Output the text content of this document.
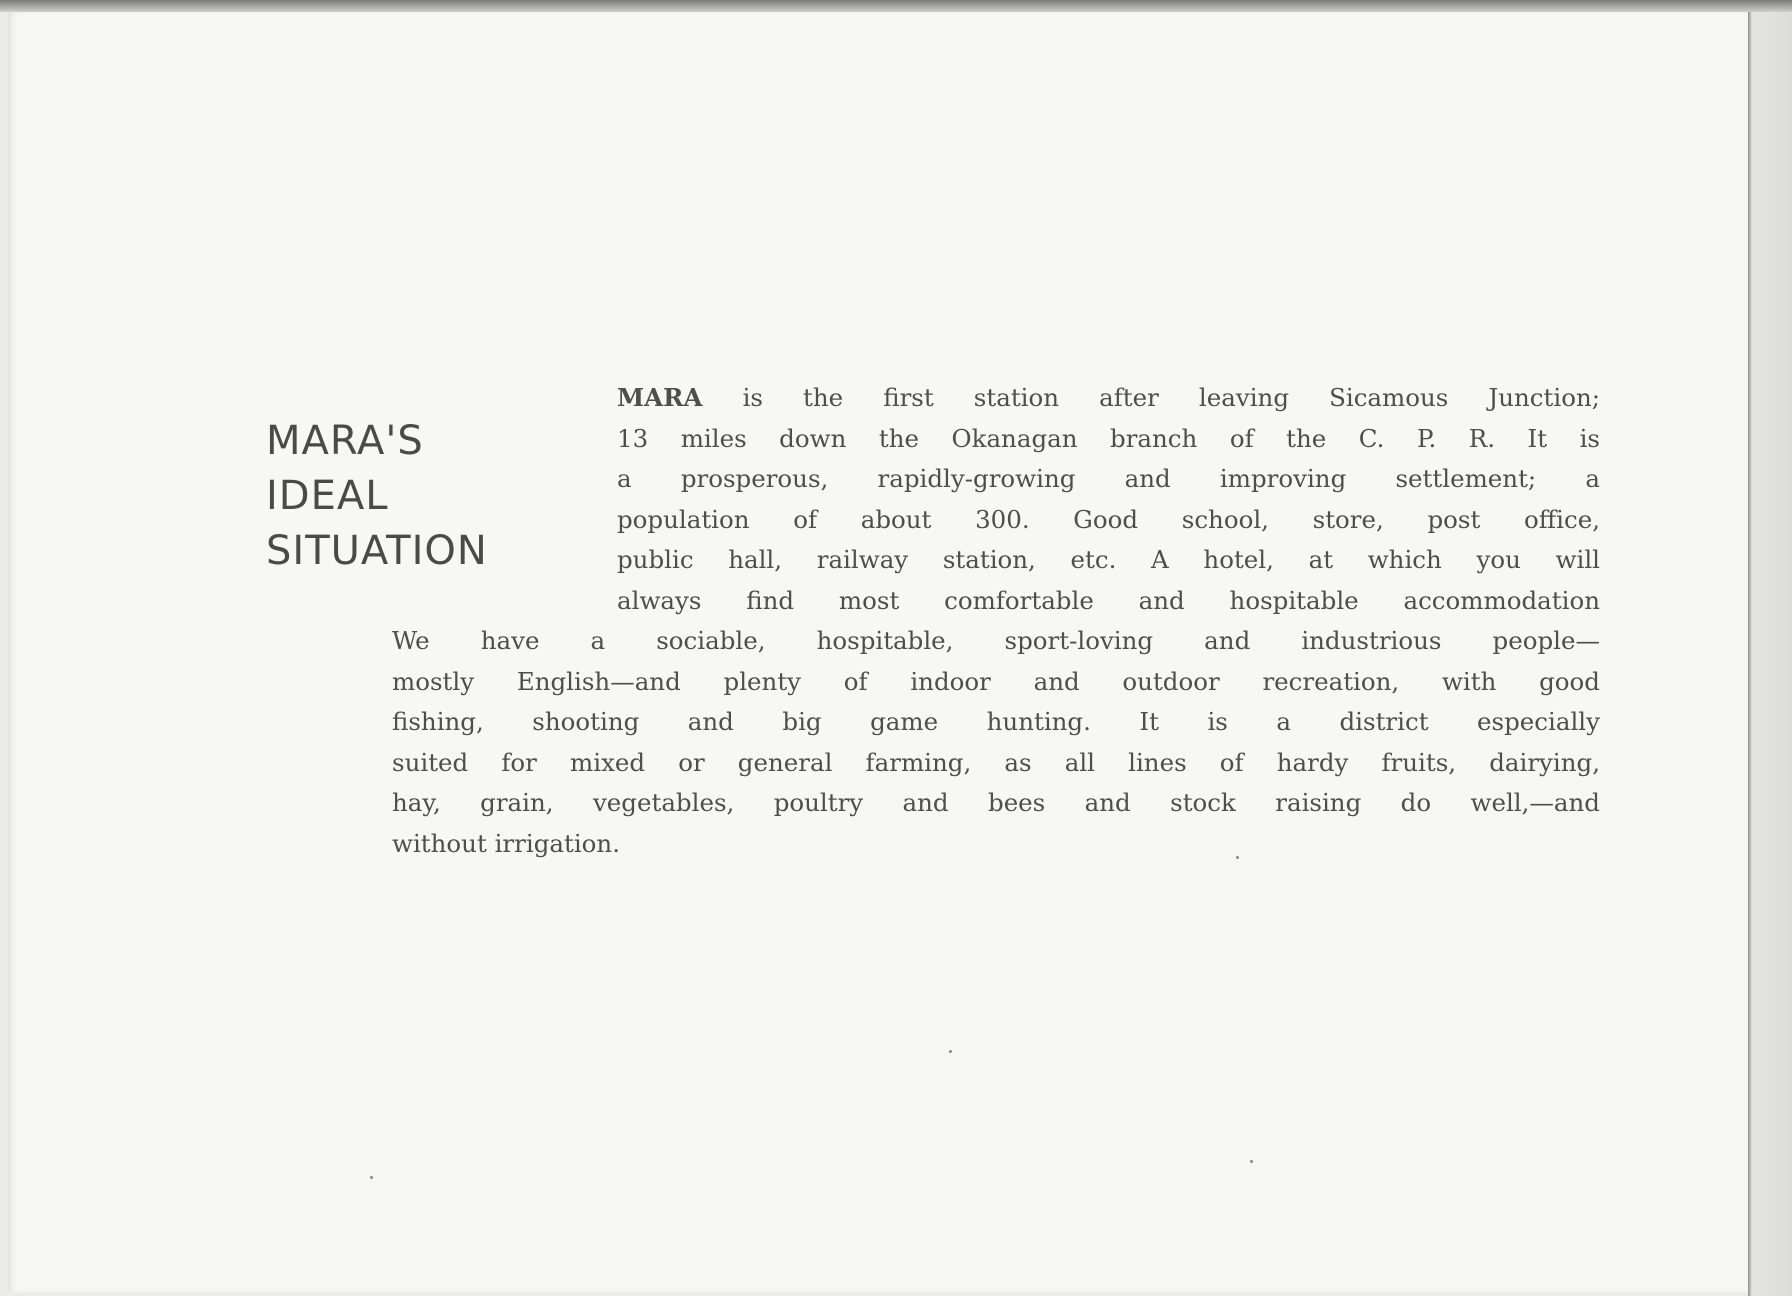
MARA'S
IDEAL
SITUATION
MARA is the first station after leaving Sicamous Junction;
13 miles down the Okanagan branch of the C. P. R. It is
a prosperous, rapidly-growing and improving settlement; a
population of about 300. Good school, store, post office,
public hall, railway station, etc. A hotel, at which you will
always find most comfortable and hospitable accommodation
We have a sociable, hospitable, sport-loving and industrious people—
mostly English—and plenty of indoor and outdoor recreation, with good
fishing, shooting and big game hunting. It is a district especially
suited for mixed or general farming, as all lines of hardy fruits, dairying,
hay, grain, vegetables, poultry and bees and stock raising do well,—and
without irrigation.
